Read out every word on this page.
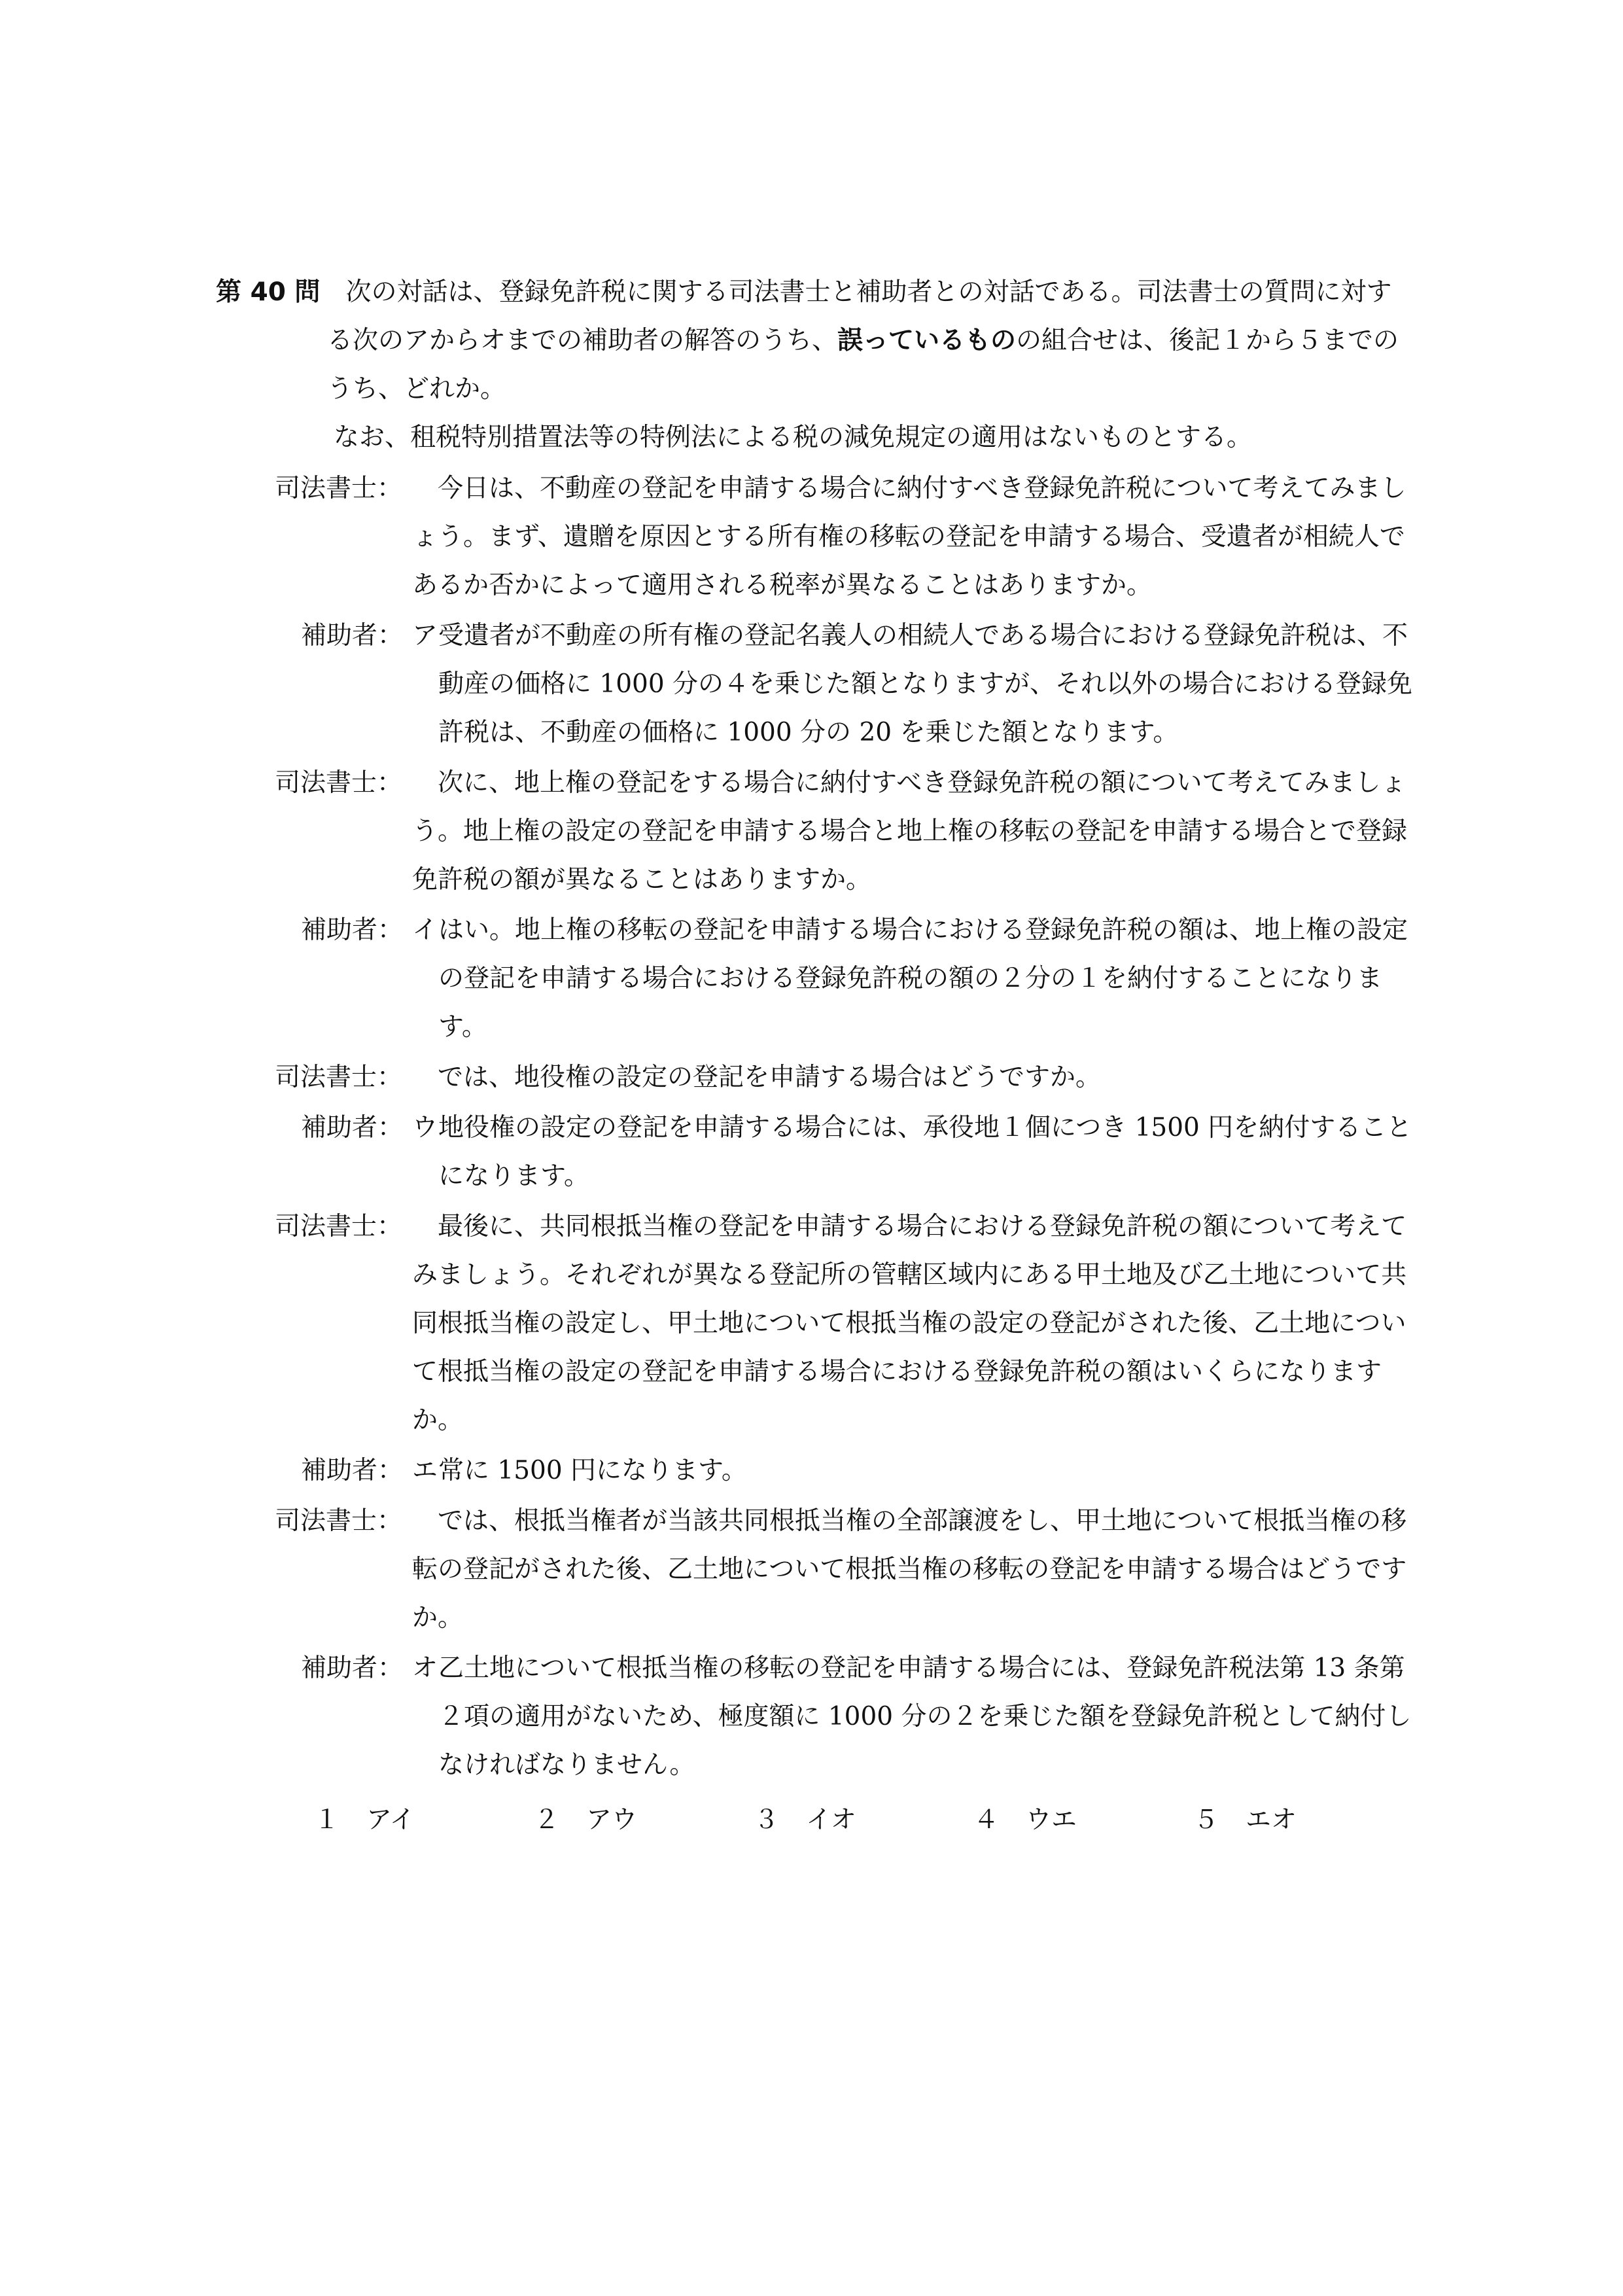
第 40 問　 次の対話は、登録免許税に関する司法書士と補助者との対話である。司法書士の質問に対する次のアからオまでの補助者の解答のうち、誤っているものの組合せは、後記１から５までのうち、どれか。
なお、租税特別措置法等の特例法による税の減免規定の適用はないものとする。
司法書士：	今日は、不動産の登記を申請する場合に納付すべき登録免許税について考えてみましょう。まず、遺贈を原因とする所有権の移転の登記を申請する場合、受遺者が相続人であるか否かによって適用される税率が異なることはありますか。
補助者： ア受遺者が不動産の所有権の登記名義人の相続人である場合における登録免許税は、不動産の価格に 1000 分の４を乗じた額となりますが、それ以外の場合における登録免許税は、不動産の価格に 1000 分の 20 を乗じた額となります。
司法書士：	次に、地上権の登記をする場合に納付すべき登録免許税の額について考えてみましょう。地上権の設定の登記を申請する場合と地上権の移転の登記を申請する場合とで登録免許税の額が異なることはありますか。
補助者： イはい。地上権の移転の登記を申請する場合における登録免許税の額は、地上権の設定の登記を申請する場合における登録免許税の額の２分の１を納付することになります。
司法書士：	では、地役権の設定の登記を申請する場合はどうですか。
補助者： ウ地役権の設定の登記を申請する場合には、承役地１個につき 1500 円を納付することになります。
司法書士：	最後に、共同根抵当権の登記を申請する場合における登録免許税の額について考えてみましょう。それぞれが異なる登記所の管轄区域内にある甲土地及び乙土地について共同根抵当権の設定し、甲土地について根抵当権の設定の登記がされた後、乙土地について根抵当権の設定の登記を申請する場合における登録免許税の額はいくらになりますか。
補助者： エ常に 1500 円になります。
司法書士：	では、根抵当権者が当該共同根抵当権の全部譲渡をし、甲土地について根抵当権の移転の登記がされた後、乙土地について根抵当権の移転の登記を申請する場合はどうですか。
補助者： オ乙土地について根抵当権の移転の登記を申請する場合には、登録免許税法第 13 条第２項の適用がないため、極度額に 1000 分の２を乗じた額を登録免許税として納付しなければなりません。
１ アイ	２ アウ	３ イオ	４ ウエ	５ エオ
